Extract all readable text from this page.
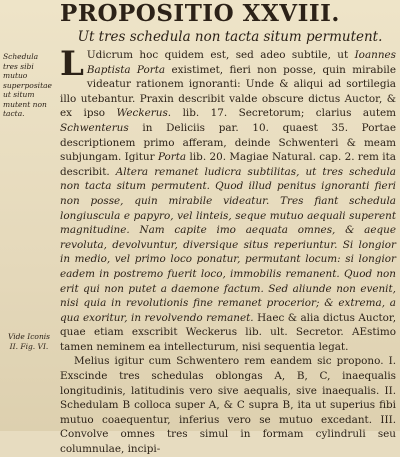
PROPOSITIO XXVIII.
Ut tres schedula non tacta situm permutent.
Schedula tres sibi mutuo superpositae ut situm mutent non tacta.
Vide Iconis II. Fig. VI.

L Udicrum hoc quidem est, sed adeo subtile, ut Ioannes Baptista Porta existimet, fieri non posse, quin mirabile videatur rationem ignoranti: Unde & aliqui ad sortilegia illo utebantur. Praxin describit valde obscure dictus Auctor, & ex ipso Weckerus. lib. 17. Secretorum; clarius autem Schwenterus in Deliciis par. 10. quaest 35. Portae descriptionem primo afferam, deinde Schwenteri & meam subjungam. Igitur Porta lib. 20. Magiae Natural. cap. 2. rem ita describit. Altera remanet ludicra subtilitas, ut tres schedula non tacta situm permutent. Quod illud penitus ignoranti fieri non posse, quin mirabile videatur. Tres fiant schedula longiuscula e papyro, vel linteis, seque mutuo aequali superent magnitudine. Nam capite imo aequata omnes, & aeque revoluta, devolvuntur, diversique situs reperiuntur. Si longior in medio, vel primo loco ponatur, permutant locum: si longior eadem in postremo fuerit loco, immobilis remanent. Quod non erit qui non putet a daemone factum. Sed aliunde non evenit, nisi quia in revolutionis fine remanet procerior; & extrema, a qua exoritur, in revolvendo remanet. Haec & alia dictus Auctor, quae etiam exscribit Weckerus lib. ult. Secretor. AEstimo tamen neminem ea intellecturum, nisi sequentia legat.

Melius igitur cum Schwentero rem eandem sic propono. I. Exscinde tres schedulas oblongas A, B, C, inaequalis longitudinis, latitudinis vero sive aequalis, sive inaequalis. II. Schedulam B colloca super A, & C supra B, ita ut superius fibi mutuo coaequentur, inferius vero se mutuo excedant. III. Convolve omnes tres simul in formam cylindruli seu columnulae, incipi-
